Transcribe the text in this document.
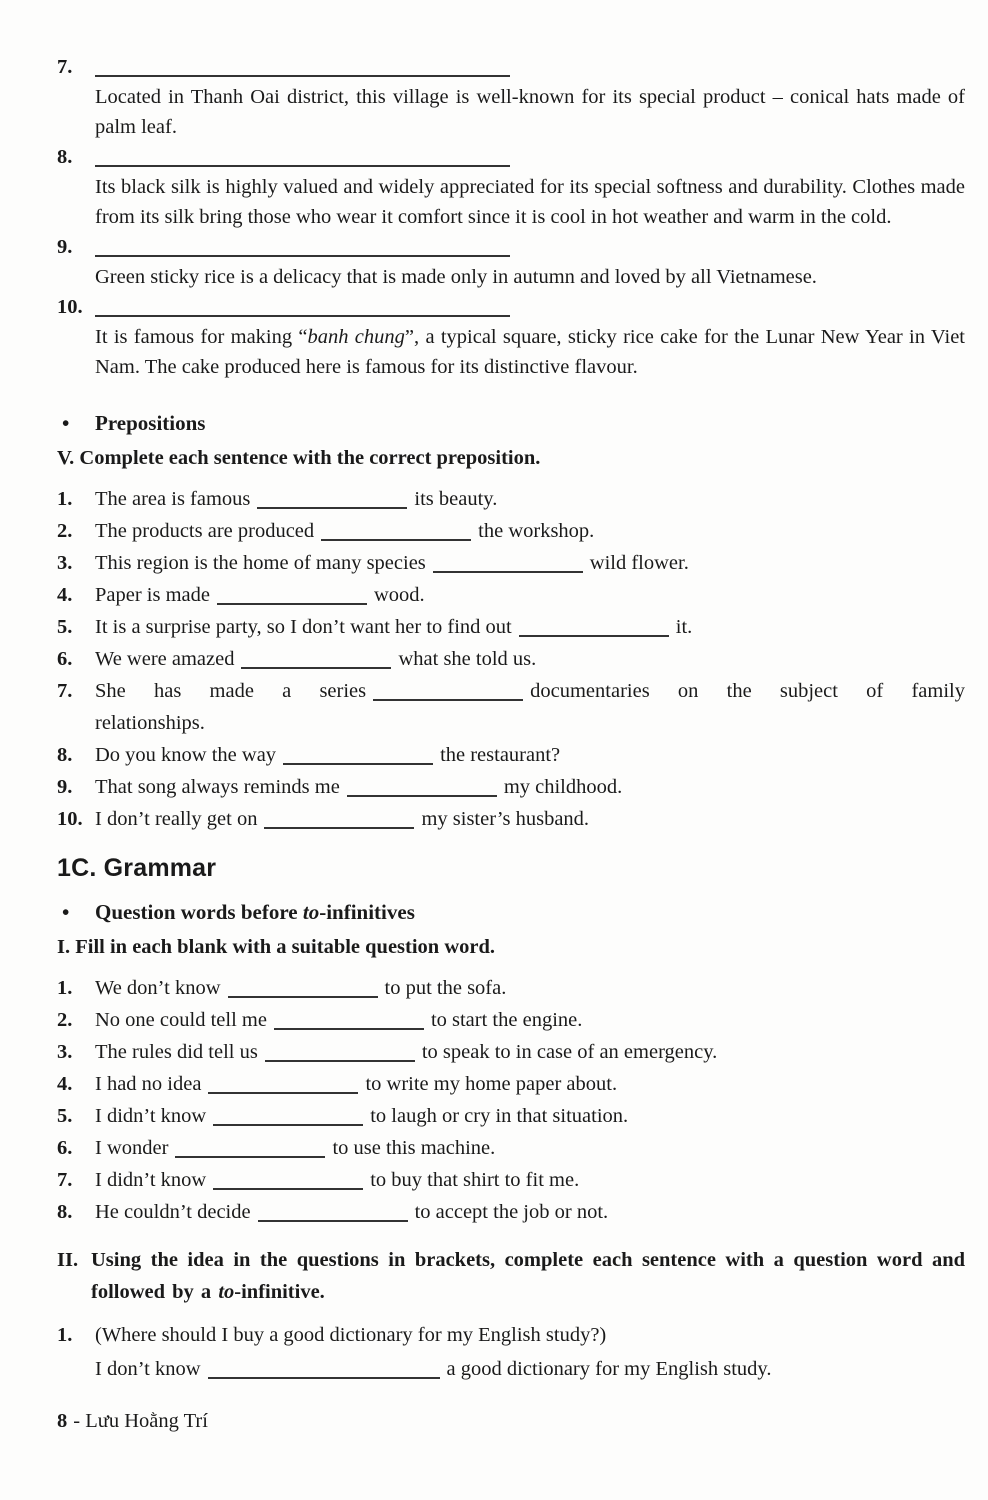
7.
Located in Thanh Oai district, this village is well-known for its special product – conical hats made of palm leaf.
8.
Its black silk is highly valued and widely appreciated for its special softness and durability. Clothes made from its silk bring those who wear it comfort since it is cool in hot weather and warm in the cold.
9.
Green sticky rice is a delicacy that is made only in autumn and loved by all Vietnamese.
10.
It is famous for making “banh chung”, a typical square, sticky rice cake for the Lunar New Year in Viet Nam. The cake produced here is famous for its distinctive flavour.
• Prepositions
V. Complete each sentence with the correct preposition.
1. The area is famous	its beauty.
2. The products are produced	the workshop.
3. This region is the home of many species	wild flower.
4. Paper is made	wood.
5. It is a surprise party, so I don’t want her to find out	it.
6. We were amazed	what she told us.
7. She has made a series	documentaries on the subject of family relationships.
8. Do you know the way	the restaurant?
9. That song always reminds me	my childhood.
10. I don’t really get on	my sister’s husband.
1C. Grammar
• Question words before to-infinitives
I. Fill in each blank with a suitable question word.
1. We don’t know	to put the sofa.
2. No one could tell me	to start the engine.
3. The rules did tell us	to speak to in case of an emergency.
4. I had no idea	to write my home paper about.
5. I didn’t know	to laugh or cry in that situation.
6. I wonder	to use this machine.
7. I didn’t know	to buy that shirt to fit me.
8. He couldn’t decide	to accept the job or not.
II. Using the idea in the questions in brackets, complete each sentence with a question word and followed by a to-infinitive.
1. (Where should I buy a good dictionary for my English study?)
I don’t know	a good dictionary for my English study.
8 - Lưu Hoằng Trí
